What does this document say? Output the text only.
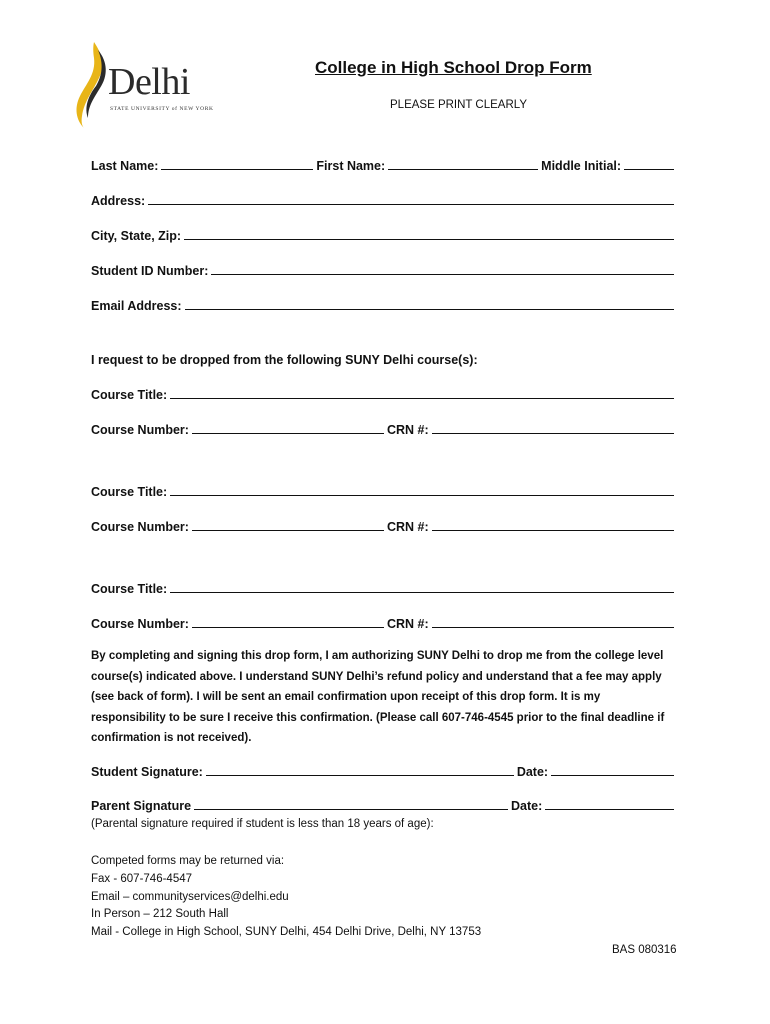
Delhi
STATE UNIVERSITY of NEW YORK
College in High School Drop Form
PLEASE PRINT CLEARLY
Last Name:	First Name:	Middle Initial:
Address:
City, State, Zip:
Student ID Number:
Email Address:
I request to be dropped from the following SUNY Delhi course(s):
Course Title:
Course Number:	CRN #:
Course Title:
Course Number:	CRN #:
Course Title:
Course Number:	CRN #:
By completing and signing this drop form, I am authorizing SUNY Delhi to drop me from the college level course(s) indicated above. I understand SUNY Delhi’s refund policy and understand that a fee may apply (see back of form). I will be sent an email confirmation upon receipt of this drop form. It is my responsibility to be sure I receive this confirmation. (Please call 607-746-4545 prior to the final deadline if confirmation is not received).
Student Signature:	Date:
Parent Signature	Date:
(Parental signature required if student is less than 18 years of age):
Competed forms may be returned via:
Fax - 607-746-4547
Email – communityservices@delhi.edu
In Person – 212 South Hall
Mail - College in High School, SUNY Delhi, 454 Delhi Drive, Delhi, NY 13753
BAS 080316
